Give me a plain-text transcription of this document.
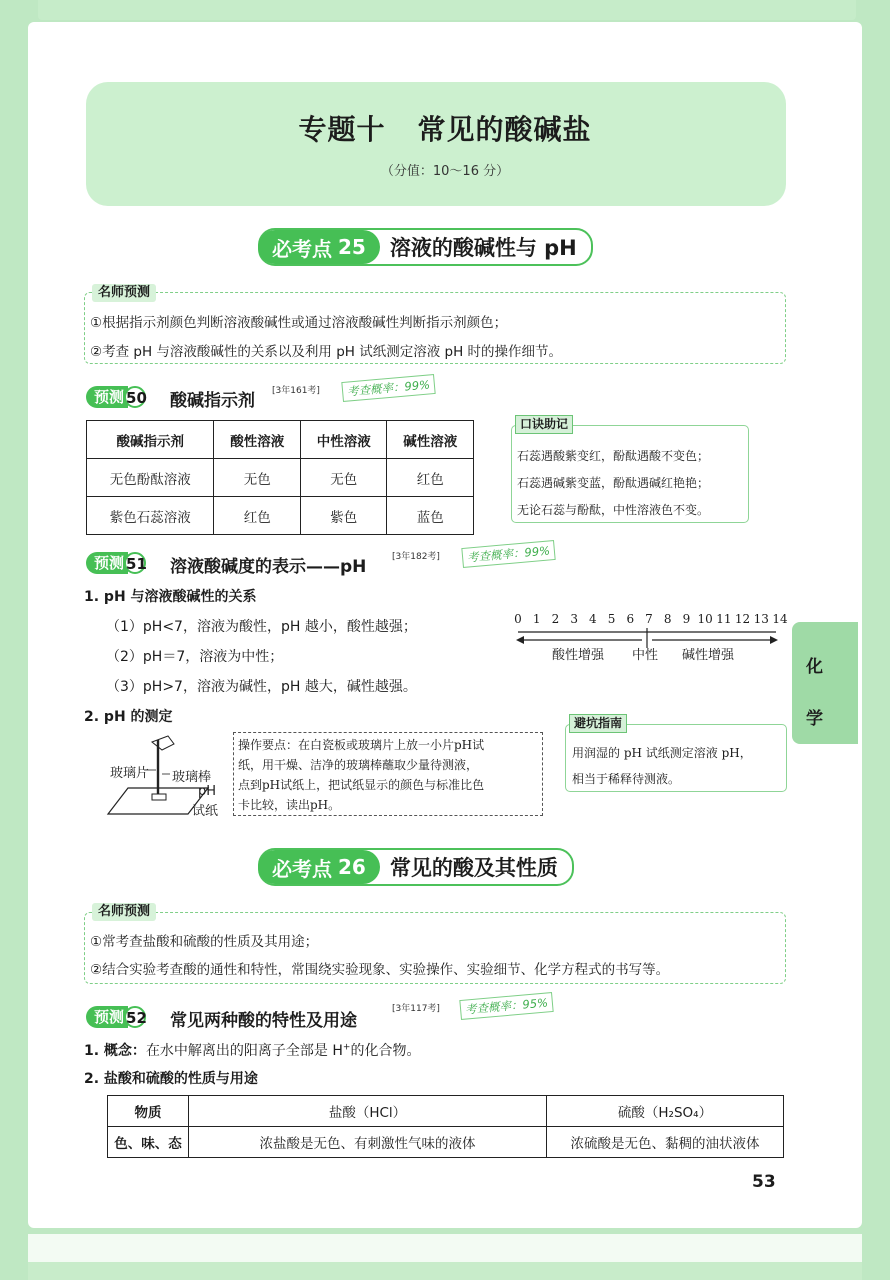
专题十 常见的酸碱盐
（分值：10～16 分）
必考点 25	溶液的酸碱性与 pH
名师预测
①根据指示剂颜色判断溶液酸碱性或通过溶液酸碱性判断指示剂颜色；
②考查 pH 与溶液酸碱性的关系以及利用 pH 试纸测定溶液 pH 时的操作细节。
预测 50 酸碱指示剂 [3年161考]	考查概率：99%
酸碱指示剂	酸性溶液	中性溶液	碱性溶液
无色酚酞溶液	无色	无色	红色
紫色石蕊溶液	红色	紫色	蓝色
口诀助记
石蕊遇酸紫变红，酚酞遇酸不变色；
石蕊遇碱紫变蓝，酚酞遇碱红艳艳；
无论石蕊与酚酞，中性溶液色不变。
预测 51 溶液酸碱度的表示——pH	[3年182考]	考查概率：99%
1. pH 与溶液酸碱性的关系
（1）pH<7，溶液为酸性，pH 越小，酸性越强；
（2）pH＝7，溶液为中性；
（3）pH>7，溶液为碱性，pH 越大，碱性越强。
0 1 2 3 4 5 6 7 8 9 10 11 12 13 14
酸性增强 中性 碱性增强
化
学
2. pH 的测定
玻璃片 玻璃棒
pH
试纸
操作要点：在白瓷板或玻璃片上放一小片pH试
纸，用干燥、洁净的玻璃棒蘸取少量待测液，
点到pH试纸上，把试纸显示的颜色与标准比色
卡比较，读出pH。
避坑指南
用润湿的 pH 试纸测定溶液 pH，
相当于稀释待测液。
必考点 26	常见的酸及其性质
名师预测
①常考查盐酸和硫酸的性质及其用途；
②结合实验考查酸的通性和特性，常围绕实验现象、实验操作、实验细节、化学方程式的书写等。
预测 52 常见两种酸的特性及用途
[3年117考]	考查概率：95%
1. 概念：在水中解离出的阳离子全部是 H+的化合物。
2. 盐酸和硫酸的性质与用途
物质	盐酸（HCl）	硫酸（H₂SO₄）
色、味、态	浓盐酸是无色、有刺激性气味的液体	浓硫酸是无色、黏稠的油状液体
53
